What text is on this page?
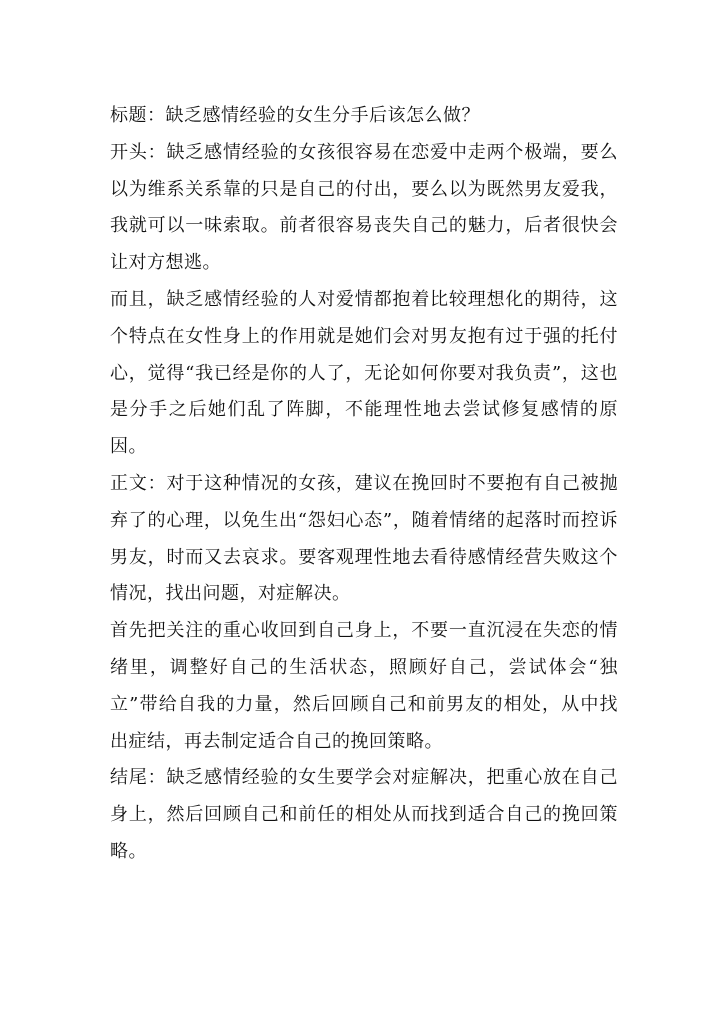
标题：缺乏感情经验的女生分手后该怎么做？

开头：缺乏感情经验的女孩很容易在恋爱中走两个极端，要么以为维系关系靠的只是自己的付出，要么以为既然男友爱我，我就可以一味索取。前者很容易丧失自己的魅力，后者很快会让对方想逃。

而且，缺乏感情经验的人对爱情都抱着比较理想化的期待，这个特点在女性身上的作用就是她们会对男友抱有过于强的托付心，觉得“我已经是你的人了，无论如何你要对我负责”，这也是分手之后她们乱了阵脚，不能理性地去尝试修复感情的原因。

正文：对于这种情况的女孩，建议在挽回时不要抱有自己被抛弃了的心理，以免生出“怨妇心态”，随着情绪的起落时而控诉男友，时而又去哀求。要客观理性地去看待感情经营失败这个情况，找出问题，对症解决。

首先把关注的重心收回到自己身上，不要一直沉浸在失恋的情绪里，调整好自己的生活状态，照顾好自己，尝试体会“独立”带给自我的力量，然后回顾自己和前男友的相处，从中找出症结，再去制定适合自己的挽回策略。

结尾：缺乏感情经验的女生要学会对症解决，把重心放在自己身上，然后回顾自己和前任的相处从而找到适合自己的挽回策略。
